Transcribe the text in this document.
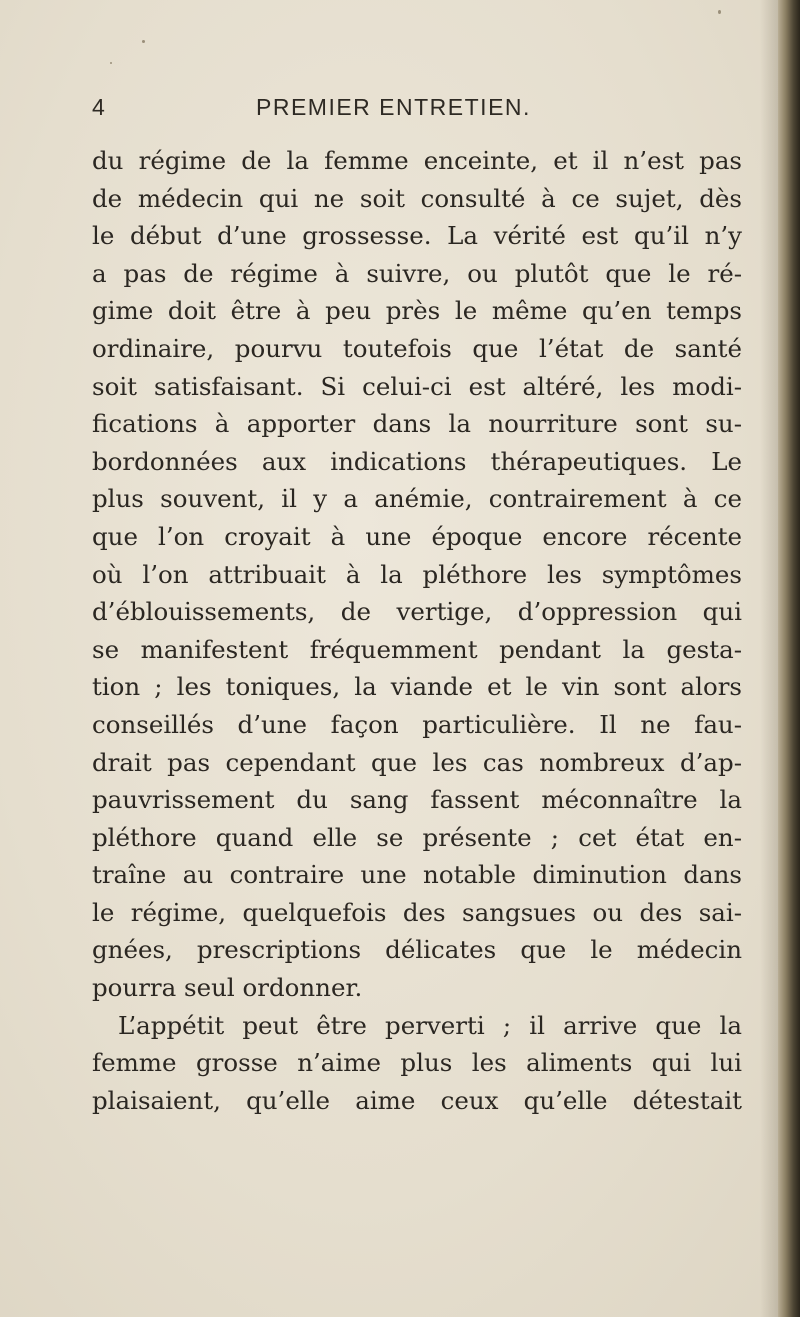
4	PREMIER ENTRETIEN.
du régime de la femme enceinte, et il n’est pas
de médecin qui ne soit consulté à ce sujet, dès
le début d’une grossesse. La vérité est qu’il n’y
a pas de régime à suivre, ou plutôt que le ré-
gime doit être à peu près le même qu’en temps
ordinaire, pourvu toutefois que l’état de santé
soit satisfaisant. Si celui-ci est altéré, les modi-
fications à apporter dans la nourriture sont su-
bordonnées aux indications thérapeutiques. Le
plus souvent, il y a anémie, contrairement à ce
que l’on croyait à une époque encore récente
où l’on attribuait à la pléthore les symptômes
d’éblouissements, de vertige, d’oppression qui
se manifestent fréquemment pendant la gesta-
tion ; les toniques, la viande et le vin sont alors
conseillés d’une façon particulière. Il ne fau-
drait pas cependant que les cas nombreux d’ap-
pauvrissement du sang fassent méconnaître la
pléthore quand elle se présente ; cet état en-
traîne au contraire une notable diminution dans
le régime, quelquefois des sangsues ou des sai-
gnées, prescriptions délicates que le médecin
pourra seul ordonner.
L’appétit peut être perverti ; il arrive que la
femme grosse n’aime plus les aliments qui lui
plaisaient, qu’elle aime ceux qu’elle détestait
